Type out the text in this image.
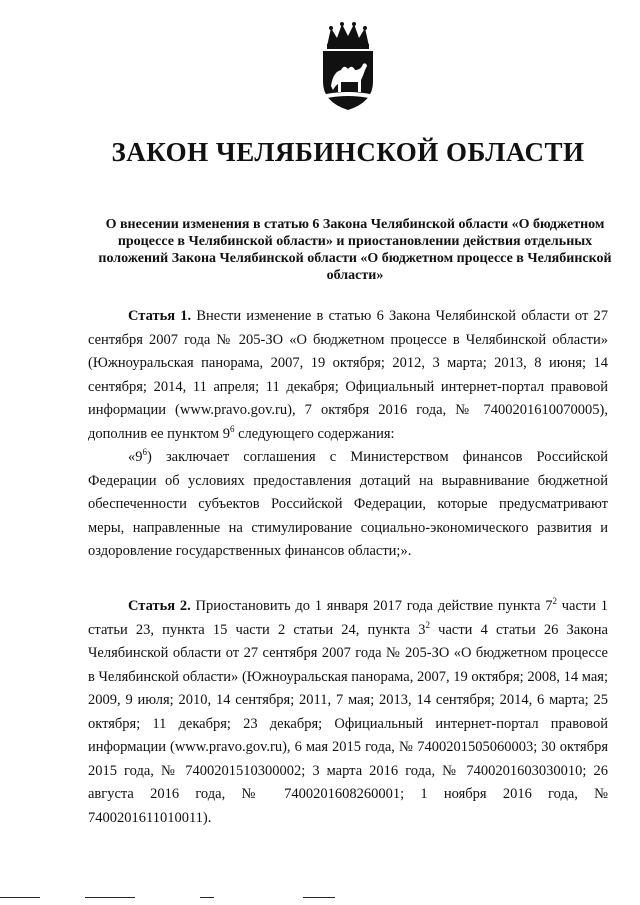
ЗАКОН ЧЕЛЯБИНСКОЙ ОБЛАСТИ
О внесении изменения в статью 6 Закона Челябинской области «О бюджетном процессе в Челябинской области» и приостановлении действия отдельных положений Закона Челябинской области «О бюджетном процессе в Челябинской области»

Статья 1. Внести изменение в статью 6 Закона Челябинской области от 27 сентября 2007 года № 205-ЗО «О бюджетном процессе в Челябинской области» (Южноуральская панорама, 2007, 19 октября; 2012, 3 марта; 2013, 8 июня; 14 сентября; 2014, 11 апреля; 11 декабря; Официальный интернет-портал правовой информации (www.pravo.gov.ru), 7 октября 2016 года, № 7400201610070005), дополнив ее пунктом $9^6$ следующего содержания:

«$9^6$) заключает соглашения с Министерством финансов Российской Федерации об условиях предоставления дотаций на выравнивание бюджетной обеспеченности субъектов Российской Федерации, которые предусматривают меры, направленные на стимулирование социально-экономического развития и оздоровление государственных финансов области;».

Статья 2. Приостановить до 1 января 2017 года действие пункта $7^2$ части 1 статьи 23, пункта 15 части 2 статьи 24, пункта $3^2$ части 4 статьи 26 Закона Челябинской области от 27 сентября 2007 года № 205-ЗО «О бюджетном процессе в Челябинской области» (Южноуральская панорама, 2007, 19 октября; 2008, 14 мая; 2009, 9 июля; 2010, 14 сентября; 2011, 7 мая; 2013, 14 сентября; 2014, 6 марта; 25 октября; 11 декабря; 23 декабря; Официальный интернет-портал правовой информации (www.pravo.gov.ru), 6 мая 2015 года, № 7400201505060003; 30 октября 2015 года, № 7400201510300002; 3 марта 2016 года, № 7400201603030010; 26 августа 2016 года, № 7400201608260001; 1 ноября 2016 года, № 7400201611010011).
